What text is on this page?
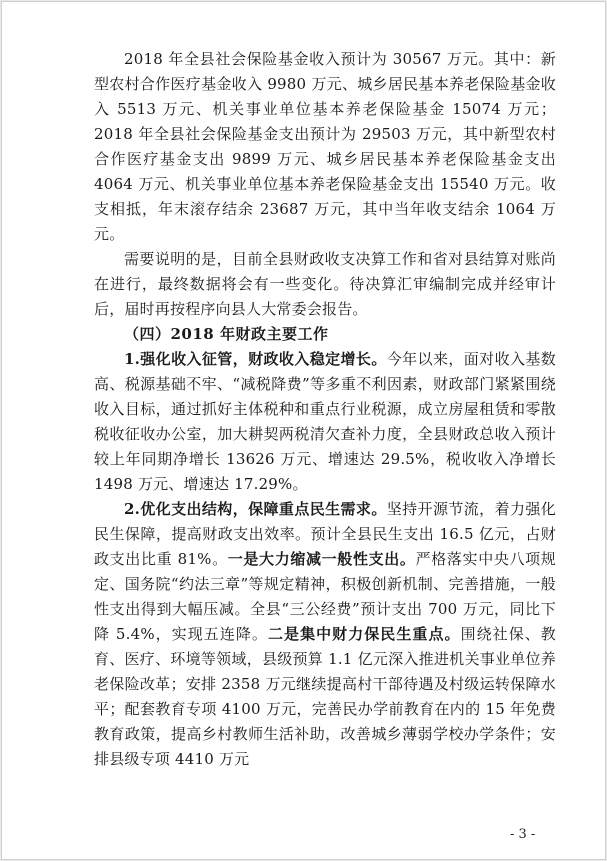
2018 年全县社会保险基金收入预计为 30567 万元。其中：新型农村合作医疗基金收入 9980 万元、城乡居民基本养老保险基金收入 5513 万元、机关事业单位基本养老保险基金 15074 万元；2018 年全县社会保险基金支出预计为 29503 万元，其中新型农村合作医疗基金支出 9899 万元、城乡居民基本养老保险基金支出 4064 万元、机关事业单位基本养老保险基金支出 15540 万元。收支相抵，年末滚存结余 23687 万元，其中当年收支结余 1064 万元。

需要说明的是，目前全县财政收支决算工作和省对县结算对账尚在进行，最终数据将会有一些变化。待决算汇审编制完成并经审计后，届时再按程序向县人大常委会报告。

（四）2018 年财政主要工作

1.强化收入征管，财政收入稳定增长。今年以来，面对收入基数高、税源基础不牢、“减税降费”等多重不利因素，财政部门紧紧围绕收入目标，通过抓好主体税种和重点行业税源，成立房屋租赁和零散税收征收办公室，加大耕契两税清欠查补力度，全县财政总收入预计较上年同期净增长 13626 万元、增速达 29.5%，税收收入净增长 1498 万元、增速达 17.29%。

2.优化支出结构，保障重点民生需求。坚持开源节流，着力强化民生保障，提高财政支出效率。预计全县民生支出 16.5 亿元，占财政支出比重 81%。一是大力缩减一般性支出。严格落实中央八项规定、国务院“约法三章”等规定精神，积极创新机制、完善措施，一般性支出得到大幅压减。全县“三公经费”预计支出 700 万元，同比下降 5.4%，实现五连降。二是集中财力保民生重点。围绕社保、教育、医疗、环境等领域，县级预算 1.1 亿元深入推进机关事业单位养老保险改革；安排 2358 万元继续提高村干部待遇及村级运转保障水平；配套教育专项 4100 万元，完善民办学前教育在内的 15 年免费教育政策，提高乡村教师生活补助，改善城乡薄弱学校办学条件；安排县级专项 4410 万元

- 3 -
